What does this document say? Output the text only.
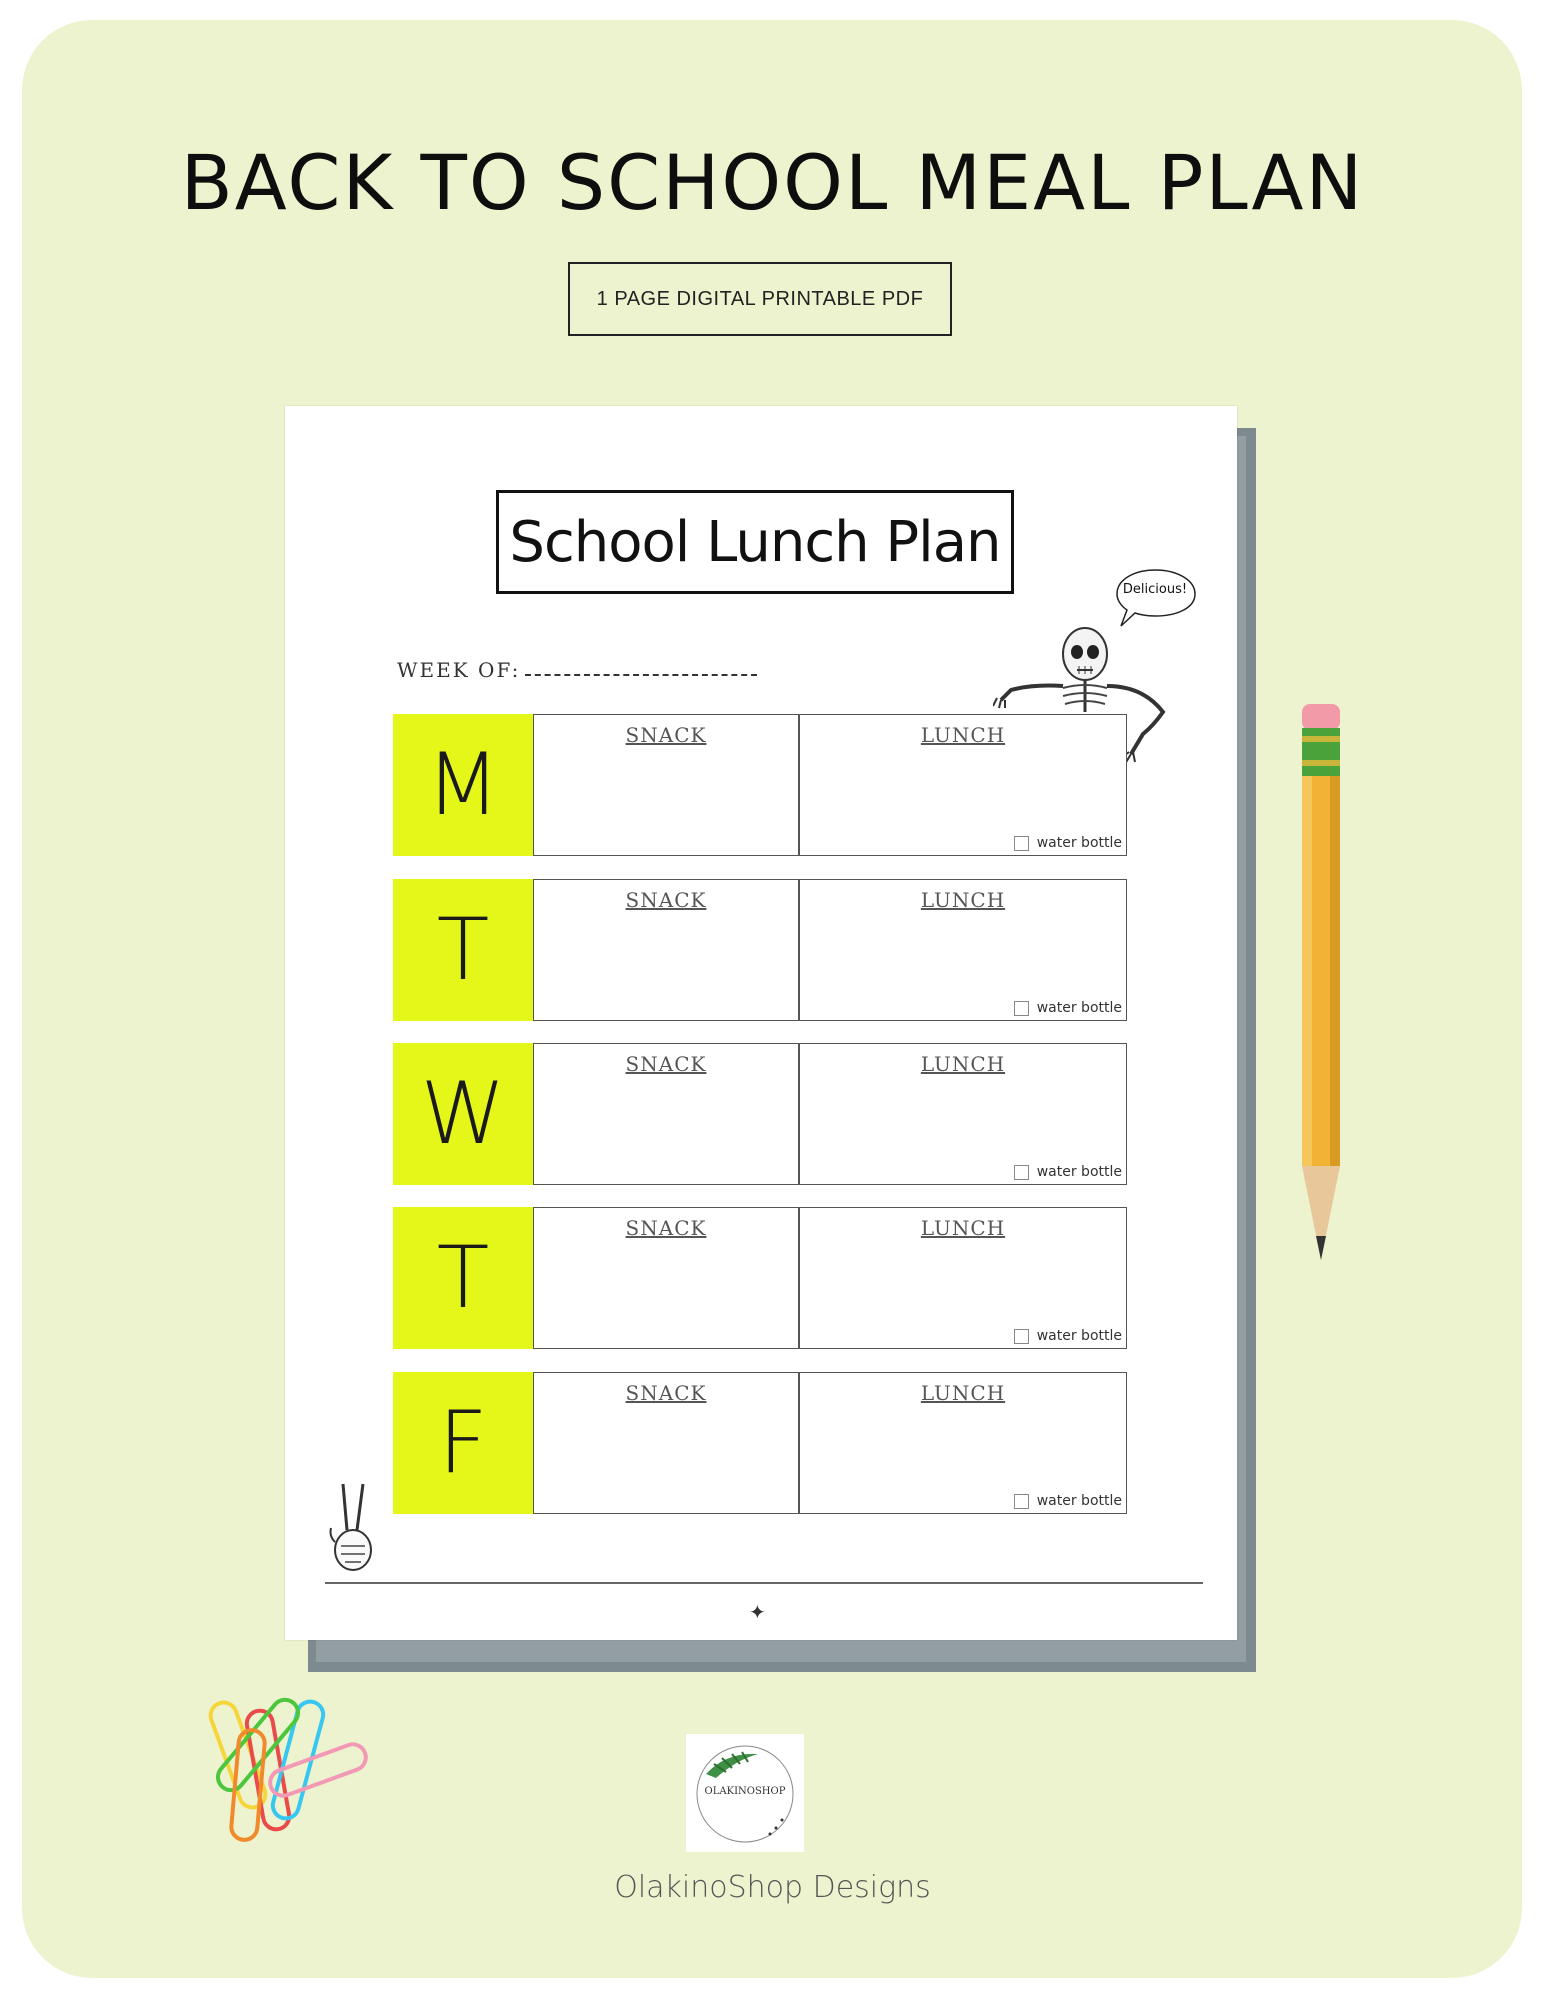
BACK TO SCHOOL MEAL PLAN
1 PAGE DIGITAL PRINTABLE PDF
School Lunch Plan
Delicious!
WEEK OF:
M	SNACK	LUNCH
water bottle
T	SNACK	LUNCH
water bottle
W	SNACK	LUNCH
water bottle
T	SNACK	LUNCH
water bottle
F	SNACK	LUNCH
water bottle
✦
OLAKINOSHOP
OlakinoShop Designs
